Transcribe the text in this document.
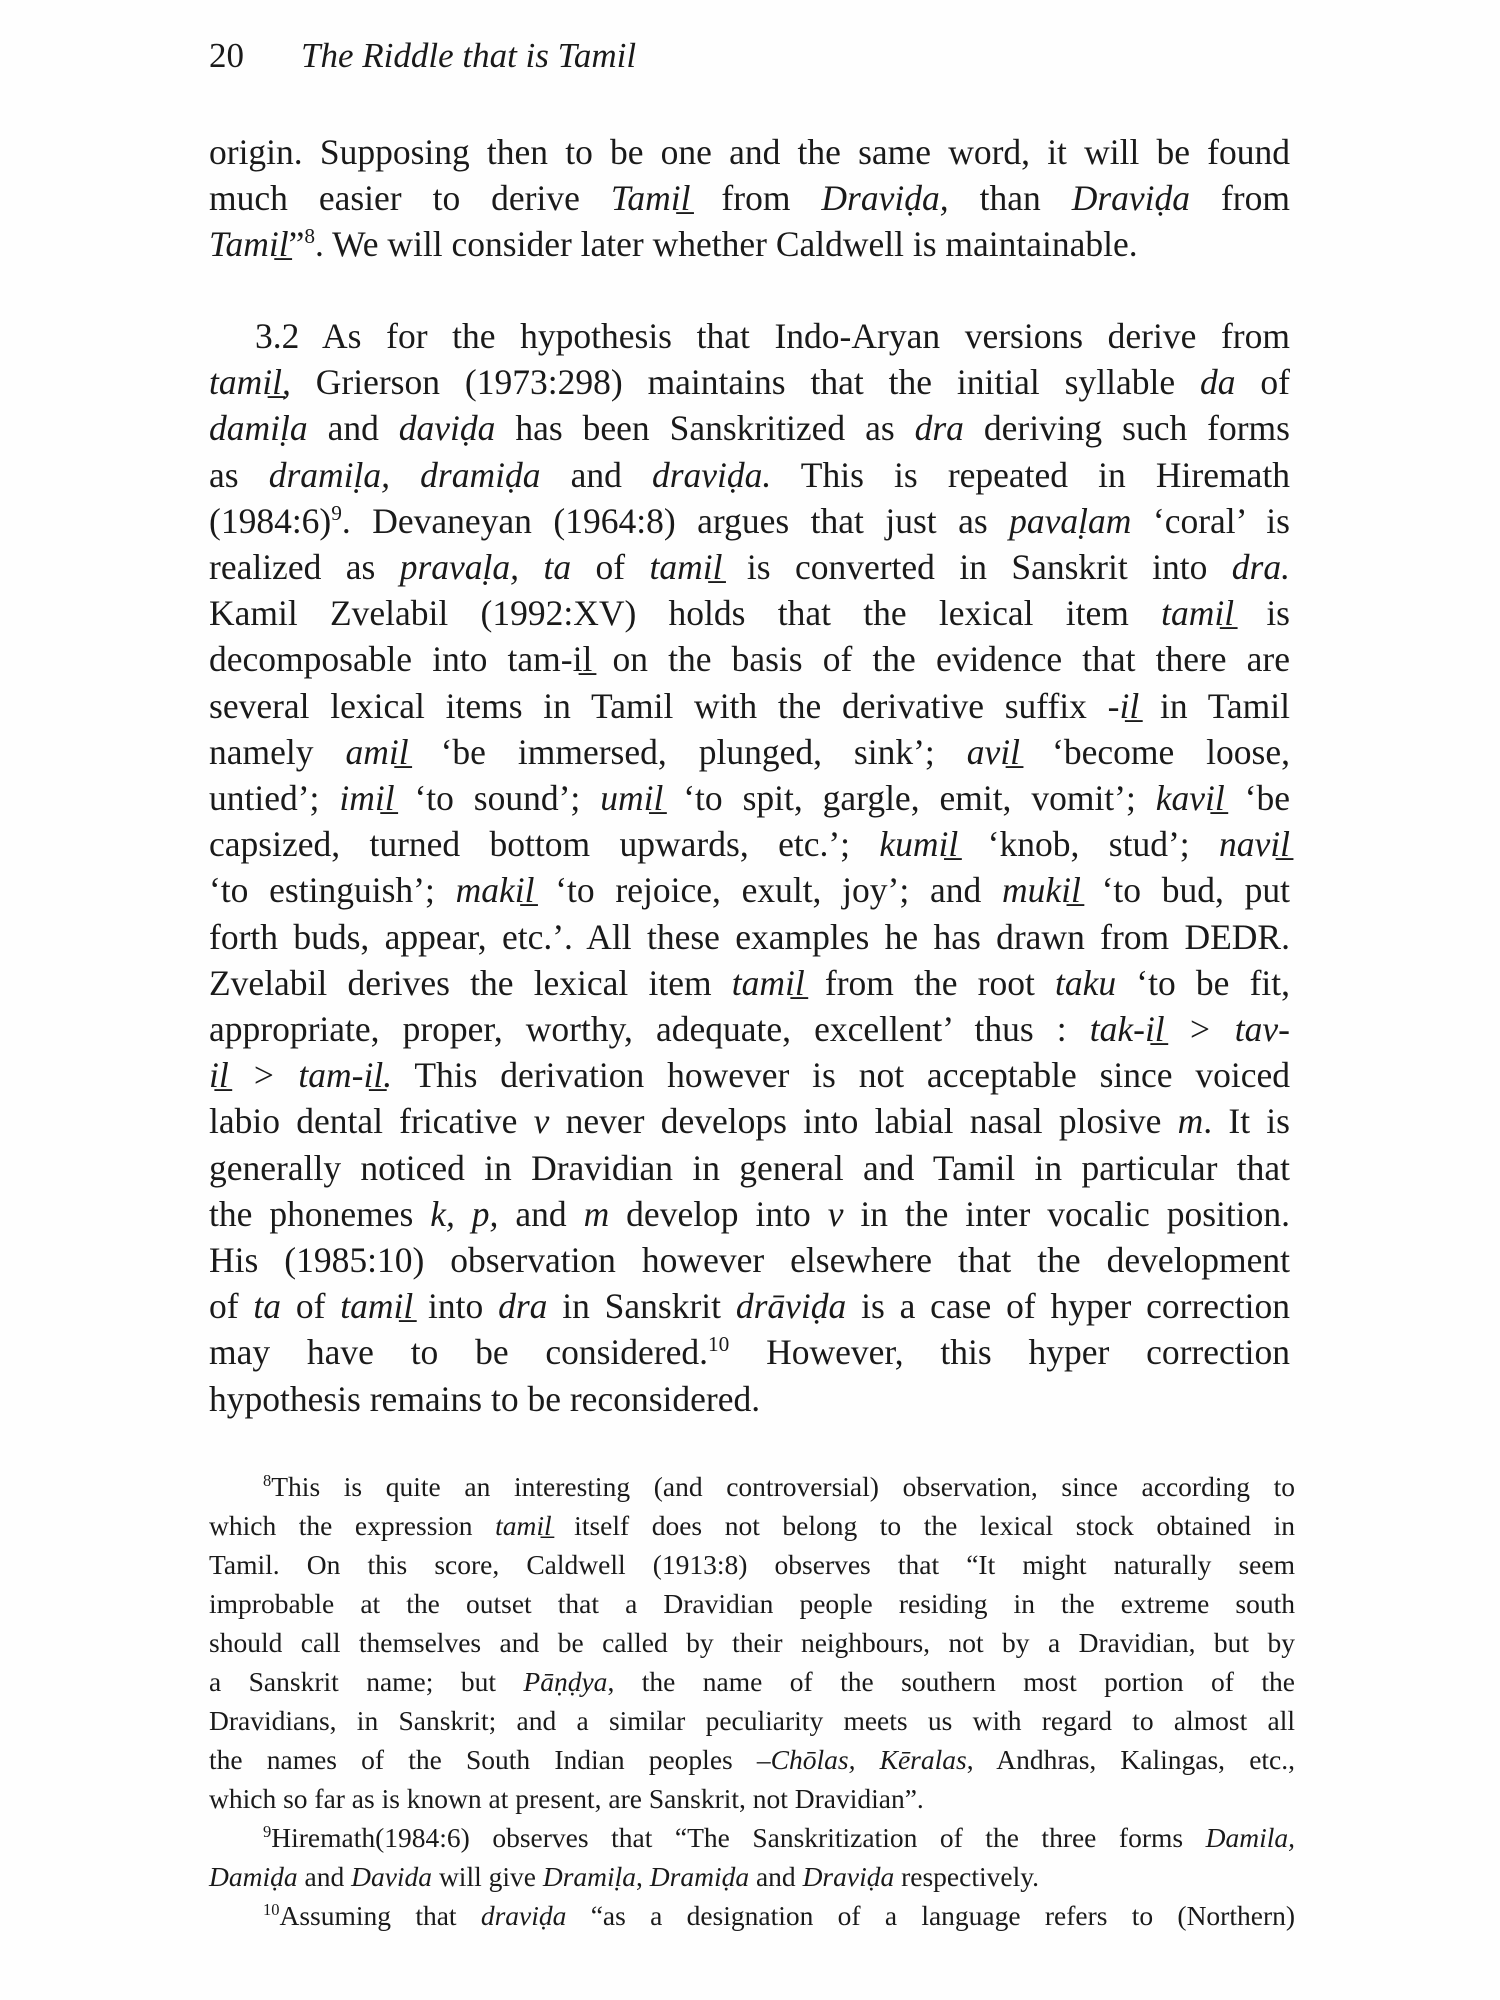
20 The Riddle that is Tamil
origin. Supposing then to be one and the same word, it will be found
much easier to derive Tamil̲ from Draviḍa, than Draviḍa from
Tamil̲”$^8$. We will consider later whether Caldwell is maintainable.
3.2 As for the hypothesis that Indo-Aryan versions derive from
tamil̲, Grierson (1973:298) maintains that the initial syllable da of
damiḷa and daviḍa has been Sanskritized as dra deriving such forms
as dramiḷa, dramiḍa and draviḍa. This is repeated in Hiremath
(1984:6)$^9$. Devaneyan (1964:8) argues that just as pavaḷam ‘coral’ is
realized as pravaḷa, ta of tamil̲ is converted in Sanskrit into dra.
Kamil Zvelabil (1992:XV) holds that the lexical item tamil̲ is
decomposable into tam-il̲ on the basis of the evidence that there are
several lexical items in Tamil with the derivative suffix -il̲ in Tamil
namely amil̲ ‘be immersed, plunged, sink’; avil̲ ‘become loose,
untied’; imil̲ ‘to sound’; umil̲ ‘to spit, gargle, emit, vomit’; kavil̲ ‘be
capsized, turned bottom upwards, etc.’; kumil̲ ‘knob, stud’; navil̲
‘to estinguish’; makil̲ ‘to rejoice, exult, joy’; and mukil̲ ‘to bud, put
forth buds, appear, etc.’. All these examples he has drawn from DEDR.
Zvelabil derives the lexical item tamil̲ from the root taku ‘to be fit,
appropriate, proper, worthy, adequate, excellent’ thus : tak-il̲ > tav-
il̲ > tam-il̲. This derivation however is not acceptable since voiced
labio dental fricative v never develops into labial nasal plosive m. It is
generally noticed in Dravidian in general and Tamil in particular that
the phonemes k, p, and m develop into v in the inter vocalic position.
His (1985:10) observation however elsewhere that the development
of ta of tamil̲ into dra in Sanskrit drāviḍa is a case of hyper correction
may have to be considered.$^{10}$ However, this hyper correction
hypothesis remains to be reconsidered.
$^8$This is quite an interesting (and controversial) observation, since according to
which the expression tamil̲ itself does not belong to the lexical stock obtained in
Tamil. On this score, Caldwell (1913:8) observes that “It might naturally seem
improbable at the outset that a Dravidian people residing in the extreme south
should call themselves and be called by their neighbours, not by a Dravidian, but by
a Sanskrit name; but Pāṇḍya, the name of the southern most portion of the
Dravidians, in Sanskrit; and a similar peculiarity meets us with regard to almost all
the names of the South Indian peoples –Chōlas, Kēralas, Andhras, Kalingas, etc.,
which so far as is known at present, are Sanskrit, not Dravidian”.
$^9$Hiremath(1984:6) observes that “The Sanskritization of the three forms Damila,
Damiḍa and Davida will give Dramiḷa, Dramiḍa and Draviḍa respectively.
$^{10}$Assuming that draviḍa “as a designation of a language refers to (Northern)
